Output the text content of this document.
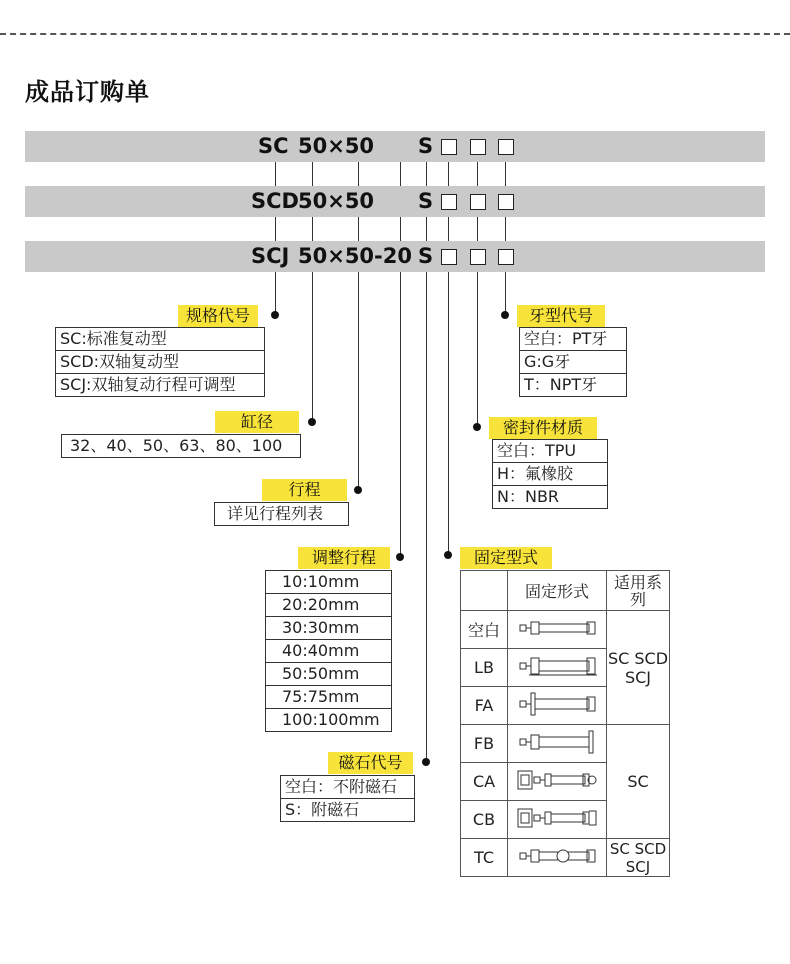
成品订购单
SC 50×50 S
SCD 50×50 S
SCJ 50×50-20 S
规格代号
SC:标准复动型
SCD:双轴复动型
SCJ:双轴复动行程可调型
缸径
32、40、50、63、80、100
行程
详见行程列表
调整行程
10:10mm
20:20mm
30:30mm
40:40mm
50:50mm
75:75mm
100:100mm
磁石代号
空白：不附磁石
S：附磁石
牙型代号
空白：PT牙
G:G牙
T：NPT牙
密封件材质
空白：TPU
H：氟橡胶
N：NBR
固定型式
	固定形式	适用系列
空白		SC SCD SCJ
LB	
FA	
FB		SC
CA	
CB	
TC		SC SCD SCJ
